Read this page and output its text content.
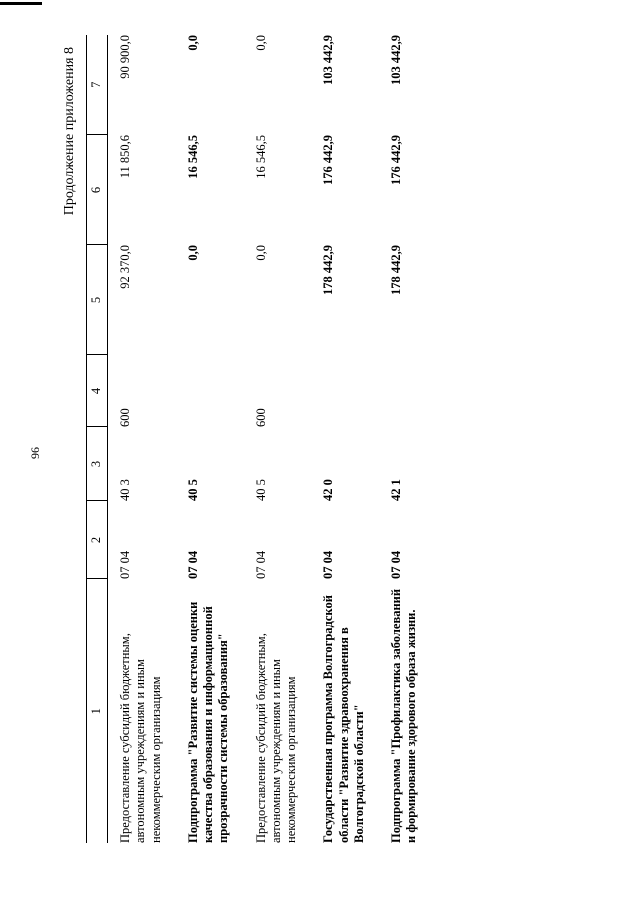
96
Продолжение приложения 8
1	2	3	4	5	6	7

Предоставление субсидий бюджетным, автономным учреждениям и иным некоммерческим организациям	07 04	40 3	600	92 370,0	11 850,6	90 900,0
Подпрограмма "Развитие системы оценки качества образования и информационной прозрачности системы образования"	07 04	40 5		0,0	16 546,5	0,0
Предоставление субсидий бюджетным, автономным учреждениям и иным некоммерческим организациям	07 04	40 5	600	0,0	16 546,5	0,0
Государственная программа Волгоградской области "Развитие здравоохранения в Волгоградской области"	07 04	42 0		178 442,9	176 442,9	103 442,9
Подпрограмма "Профилактика заболеваний и формирование здорового образа жизни.	07 04	42 1		178 442,9	176 442,9	103 442,9
